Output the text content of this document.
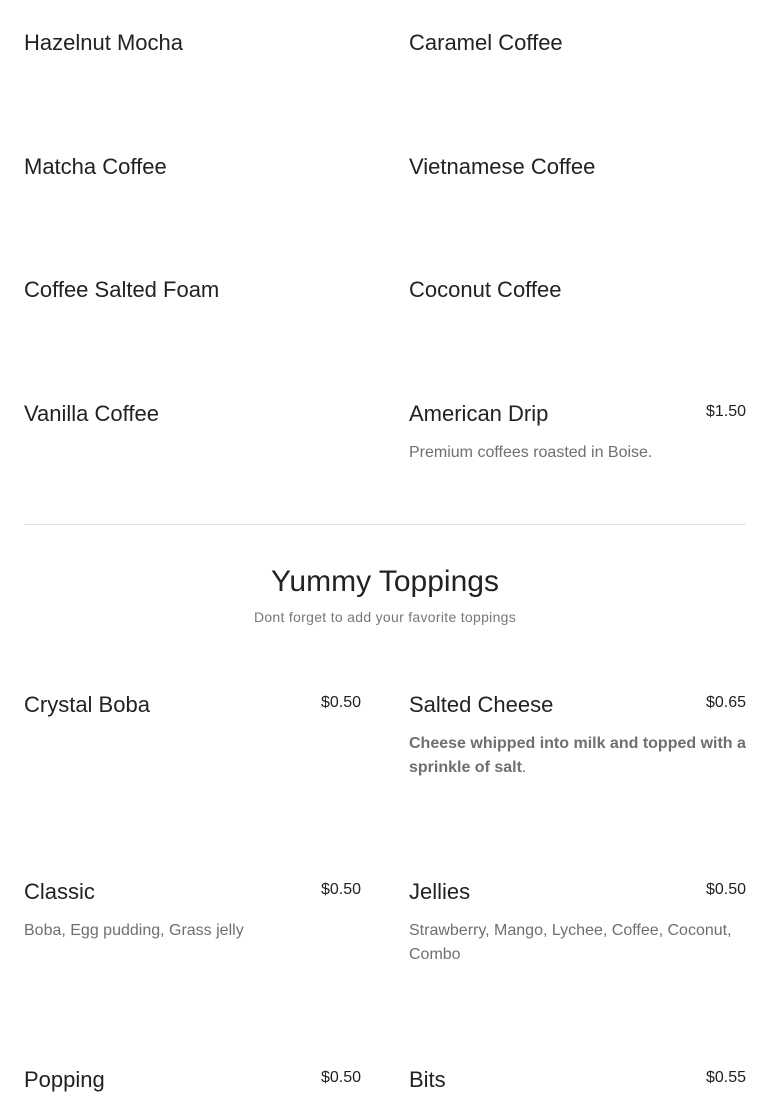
Hazelnut Mocha	Caramel Coffee
Matcha Coffee	Vietnamese Coffee
Coffee Salted Foam	Coconut Coffee
Vanilla Coffee	American Drip	$1.50
Premium coffees roasted in Boise.
Yummy Toppings
Dont forget to add your favorite toppings
Crystal Boba	$0.50 Salted Cheese	$0.65
Cheese whipped into milk and topped with a sprinkle of salt.
Classic	$0.50
Boba, Egg pudding, Grass jelly
Jellies	$0.50
Strawberry, Mango, Lychee, Coffee, Coconut, Combo
Popping	$0.50 Bits	$0.55
